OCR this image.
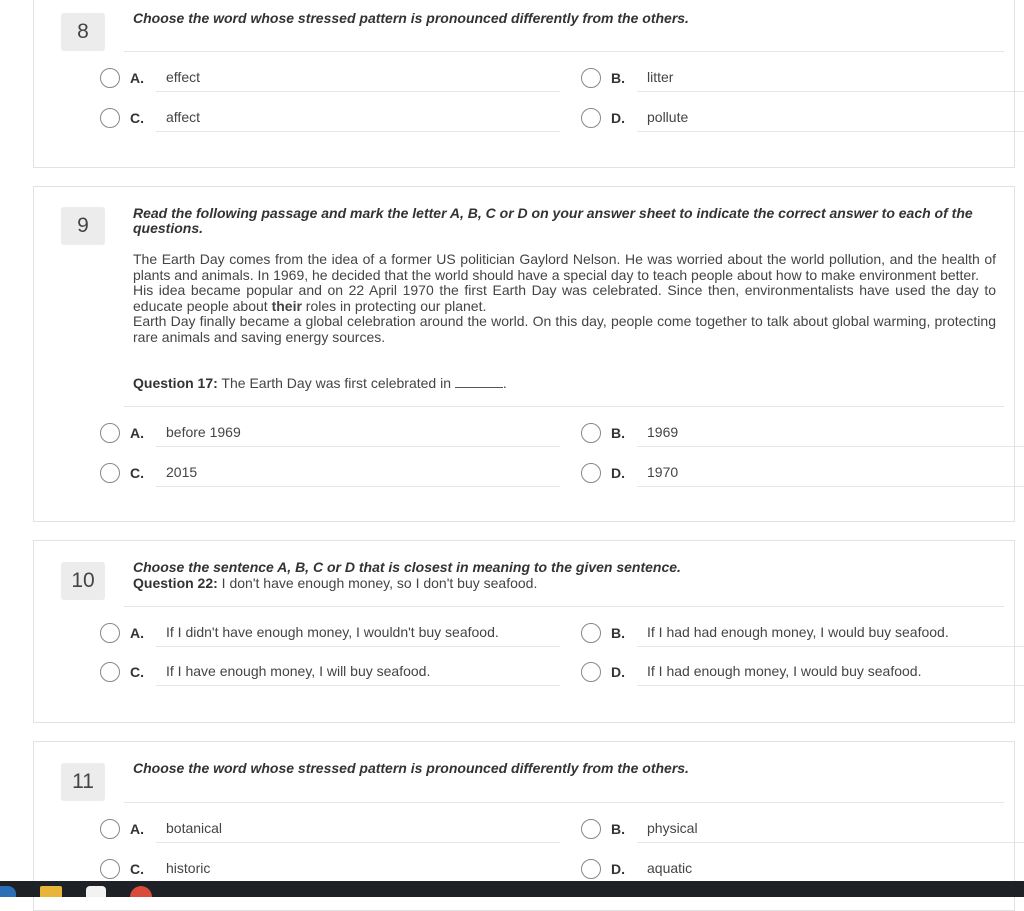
8
Choose the word whose stressed pattern is pronounced differently from the others.
A. effect	B. litter
C. affect	D. pollute
9
Read the following passage and mark the letter A, B, C or D on your answer sheet to indicate the correct answer to each of the questions.

The Earth Day comes from the idea of a former US politician Gaylord Nelson. He was worried about the world pollution, and the health of plants and animals. In 1969, he decided that the world should have a special day to teach people about how to make environment better.

His idea became popular and on 22 April 1970 the first Earth Day was celebrated. Since then, environmentalists have used the day to educate people about their roles in protecting our planet.

Earth Day finally became a global celebration around the world. On this day, people come together to talk about global warming, protecting rare animals and saving energy sources.

Question 17: The Earth Day was first celebrated in	.
A. before 1969	B. 1969
C. 2015	D. 1970
10
Choose the sentence A, B, C or D that is closest in meaning to the given sentence.
Question 22: I don't have enough money, so I don't buy seafood.
A. If I didn't have enough money, I wouldn't buy seafood.	B. If I had had enough money, I would buy seafood.
C. If I have enough money, I will buy seafood.	D. If I had enough money, I would buy seafood.
11
Choose the word whose stressed pattern is pronounced differently from the others.
A. botanical	B. physical
C. historic	D. aquatic
